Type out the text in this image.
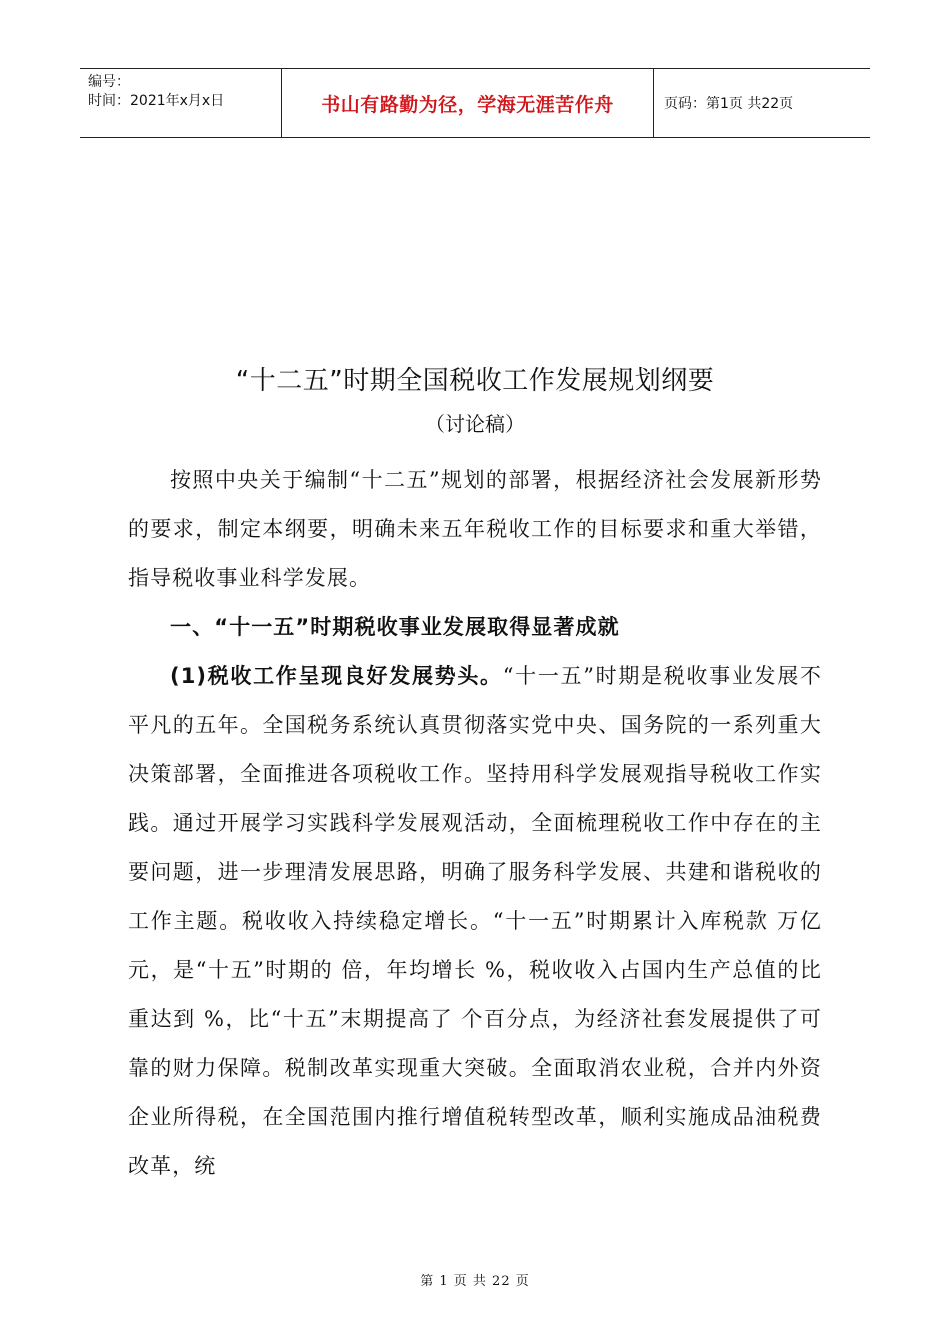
编号：
时间：2021年x月x日	书山有路勤为径，学海无涯苦作舟	页码：第1页 共22页
“十二五”时期全国税收工作发展规划纲要
（讨论稿）

按照中央关于编制“十二五”规划的部署，根据经济社会发展新形势的要求，制定本纲要，明确未来五年税收工作的目标要求和重大举错，指导税收事业科学发展。

一、“十一五”时期税收事业发展取得显著成就

(1)税收工作呈现良好发展势头。“十一五”时期是税收事业发展不平凡的五年。全国税务系统认真贯彻落实党中央、国务院的一系列重大决策部署，全面推进各项税收工作。坚持用科学发展观指导税收工作实践。通过开展学习实践科学发展观活动，全面梳理税收工作中存在的主要问题，进一步理清发展思路，明确了服务科学发展、共建和谐税收的工作主题。税收收入持续稳定增长。“十一五”时期累计入库税款 万亿元，是“十五”时期的 倍，年均增长 %，税收收入占国内生产总值的比重达到 %，比“十五”末期提高了 个百分点，为经济社套发展提供了可靠的财力保障。税制改革实现重大突破。全面取消农业税，合并内外资企业所得税，在全国范围内推行增值税转型改革，顺利实施成品油税费改革，统

第 1 页 共 22 页
